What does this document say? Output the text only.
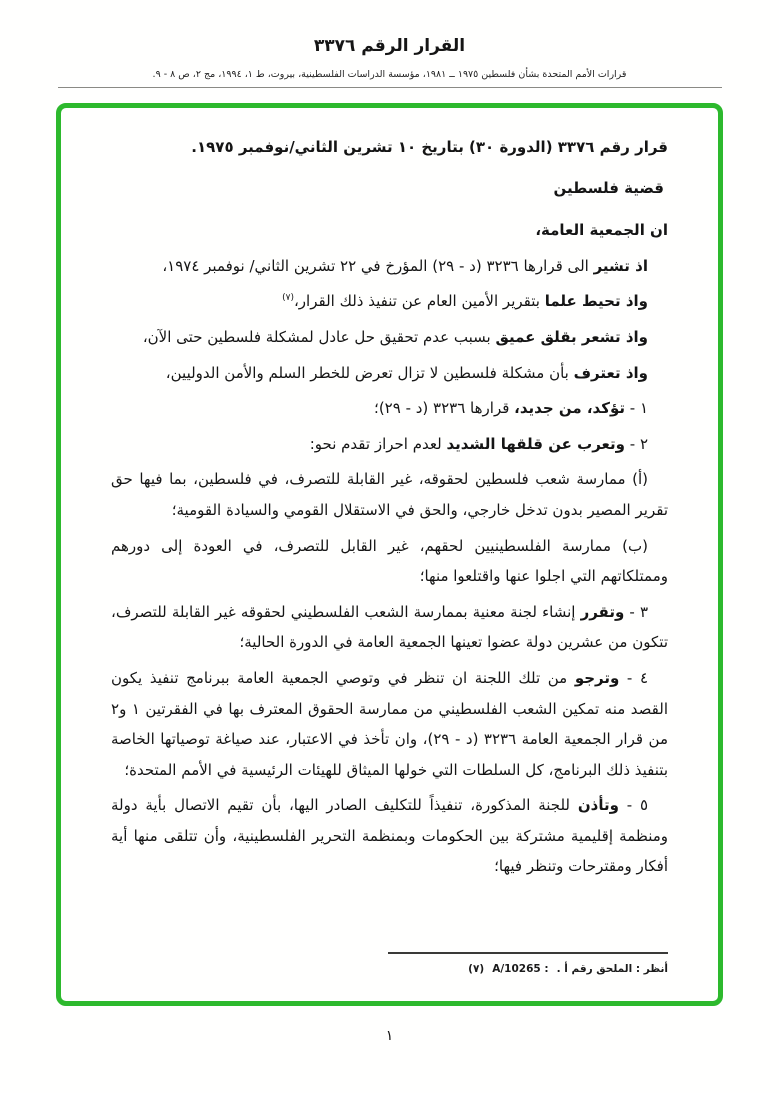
القرار الرقم ٣٣٧٦
قرارات الأمم المتحدة بشأن فلسطين ١٩٧٥ ــ ١٩٨١، مؤسسة الدراسات الفلسطينية، بيروت، ط ١، ١٩٩٤، مج ٢، ص ٨ - ٩.

قرار رقم ٣٣٧٦ (الدورة ٣٠) بتاريخ ١٠ تشرين الثاني/نوفمبر ١٩٧٥.

قضية فلسطين

ان الجمعية العامة،

اذ تشير الى قرارها ٣٢٣٦ (د - ٢٩) المؤرخ في ٢٢ تشرين الثاني/ نوفمبر ١٩٧٤،

واذ تحيط علما بتقرير الأمين العام عن تنفيذ ذلك القرار،$^{(٧)}$

واذ تشعر بقلق عميق بسبب عدم تحقيق حل عادل لمشكلة فلسطين حتى الآن،

واذ تعترف بأن مشكلة فلسطين لا تزال تعرض للخطر السلم والأمن الدوليين،

١ - تؤكد، من جديد، قرارها ٣٢٣٦ (د - ٢٩)؛

٢ - وتعرب عن قلقها الشديد لعدم احراز تقدم نحو:

(أ) ممارسة شعب فلسطين لحقوقه، غير القابلة للتصرف، في فلسطين، بما فيها حق تقرير المصير بدون تدخل خارجي، والحق في الاستقلال القومي والسيادة القومية؛

(ب) ممارسة الفلسطينيين لحقهم، غير القابل للتصرف، في العودة إلى دورهم وممتلكاتهم التي اجلوا عنها واقتلعوا منها؛

٣ - وتقرر إنشاء لجنة معنية بممارسة الشعب الفلسطيني لحقوقه غير القابلة للتصرف، تتكون من عشرين دولة عضوا تعينها الجمعية العامة في الدورة الحالية؛

٤ - وترجو من تلك اللجنة ان تنظر في وتوصي الجمعية العامة ببرنامج تنفيذ يكون القصد منه تمكين الشعب الفلسطيني من ممارسة الحقوق المعترف بها في الفقرتين ١ و٢ من قرار الجمعية العامة ٣٢٣٦ (د - ٢٩)، وان تأخذ في الاعتبار، عند صياغة توصياتها الخاصة بتنفيذ ذلك البرنامج، كل السلطات التي خولها الميثاق للهيئات الرئيسية في الأمم المتحدة؛

٥ - وتأذن للجنة المذكورة، تنفيذاً للتكليف الصادر اليها، بأن تقيم الاتصال بأية دولة ومنظمة إقليمية مشتركة بين الحكومات وبمنظمة التحرير الفلسطينية، وأن تتلقى منها أية أفكار ومقترحات وتنظر فيها؛

(٧) A/10265 : أنظر : الملحق رقم أ .
١
